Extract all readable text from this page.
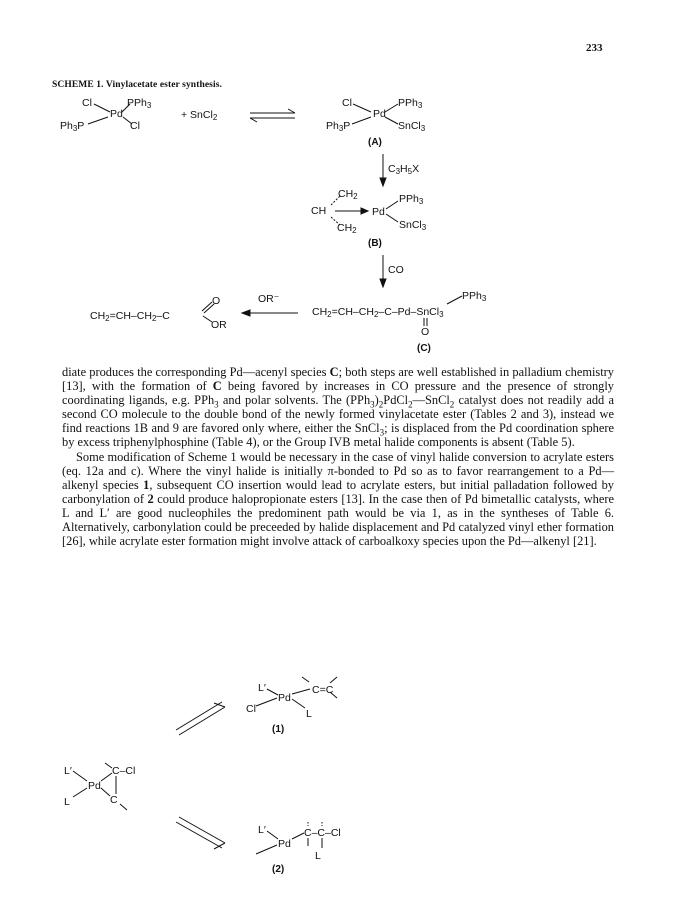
233
SCHEME 1. Vinylacetate ester synthesis.
Cl	PPh$_3$
Pd
$Ph_3P$	Cl
+ SnCl$_2$
Cl	PPh$_3$
Pd
$Ph_3P$	SnCl$_3$
(A)
$C_3H_5X$
$CH_2$
CH
$CH_2$
Pd
PPh$_3$
SnCl$_3$
(B)
CO
PPh$_3$
$CH_2=CH-CH_2-C-Pd-SnCl_3$
O
(C)
OR⁻
$CH_2=CH-CH_2-C$
O
OR

diate produces the corresponding Pd—acenyl species C; both steps are well established in palladium chemistry [13], with the formation of C being favored by increases in CO pressure and the presence of strongly coordinating ligands, e.g. PPh$_3$ and polar solvents. The $(PPh_3)_2PdCl_2—SnCl_2$ catalyst does not readily add a second CO molecule to the double bond of the newly formed vinylacetate ester (Tables 2 and 3), instead we find reactions 1B and 9 are favored only where, either the SnCl$_3$; is displaced from the Pd coordination sphere by excess triphenylphosphine (Table 4), or the Group IVB metal halide components is absent (Table 5).

Some modification of Scheme 1 would be necessary in the case of vinyl halide conversion to acrylate esters (eq. 12a and c). Where the vinyl halide is initially π-bonded to Pd so as to favor rearrangement to a Pd—alkenyl species 1, subsequent CO insertion would lead to acrylate esters, but initial palladation followed by carbonylation of 2 could produce halopropionate esters [13]. In the case then of Pd bimetallic catalysts, where L and L′ are good nucleophiles the predominent path would be via 1, as in the syntheses of Table 6. Alternatively, carbonylation could be preceeded by halide displacement and Pd catalyzed vinyl ether formation [26], while acrylate ester formation might involve attack of carboalkoxy species upon the Pd—alkenyl [21].

L′
Pd
C=C
Cl	L
(1)
L′
Pd
C–Cl
C
L
L′
Pd
C–C–Cl
L
(2)
